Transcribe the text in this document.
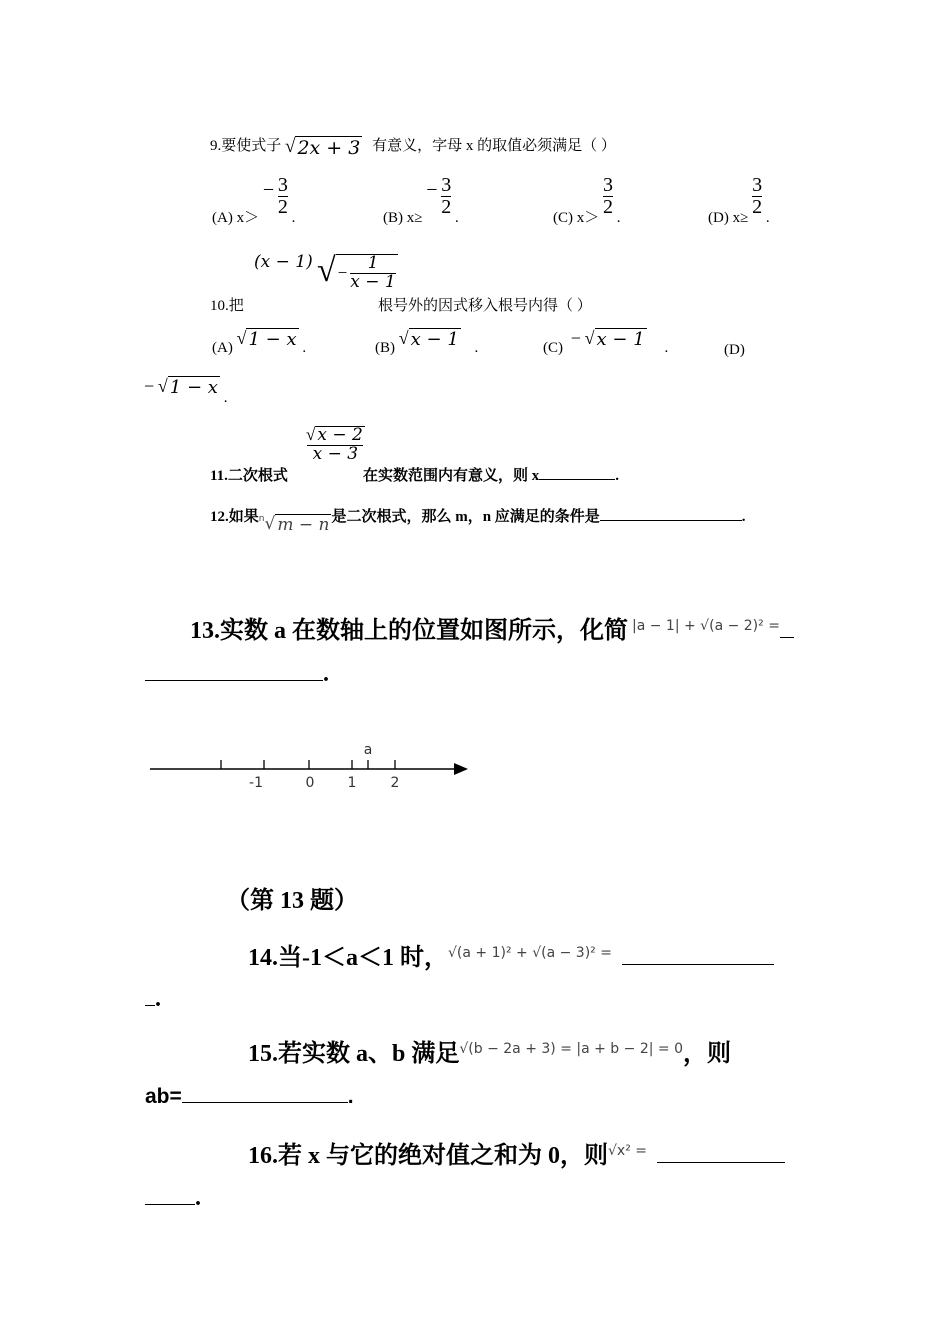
9.要使式子 √ 2x + 3 有意义，字母 x 的取值必须满足（ ）
(A) $x> - \frac{3}{2}$ .	(B) $x\ge - \frac{3}{2}$ .	(C) $x> \frac{3}{2}$ .	(D) $x\ge \frac{3}{2}$ .
(x − 1) √ − $\frac{1}{x - 1}$
10.把	根号外的因式移入根号内得（ ）
(A) √ 1 − x .	(B) √ x − 1 .	(C) − √ x − 1 .	(D)
− √ 1 − x .
$\frac{√ x - 2}{x - 3}$
11.二次根式	在实数范围内有意义，则 x	.
12.如果 n √ m − n 是二次根式，那么 m，n 应满足的条件是	.
13.实数 a 在数轴上的位置如图所示，化简 $^{|a - 1| + √(a - 2)^2 =}$
.
a
-1	0 1 2
（第 13 题）
14.当-1＜a＜1 时，$^{√(a + 1)^2 + √(a - 3)^2 =}$
.
15.若实数 a、b 满足$^{√(b - 2a + 3) = |a + b - 2| = 0}$，则
ab=	.
16.若 x 与它的绝对值之和为 0，则$^{√x^2 =}$
.
